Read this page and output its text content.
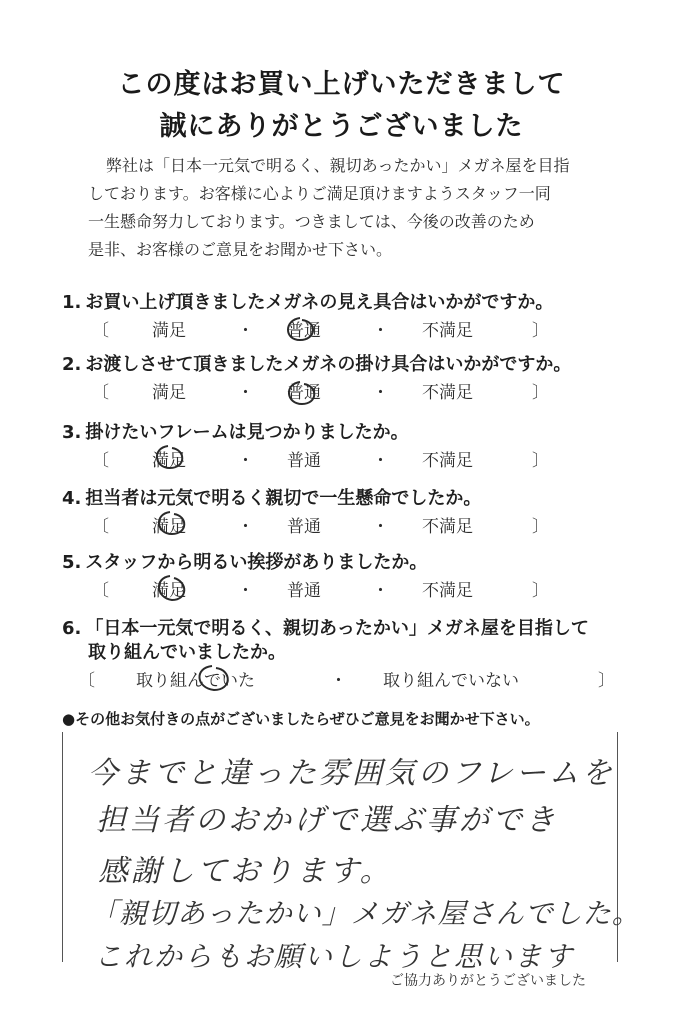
この度はお買い上げいただきまして
誠にありがとうございました

弊社は「日本一元気で明るく、親切あったかい」メガネ屋を目指

しております。お客様に心よりご満足頂けますようスタッフ一同

一生懸命努力しております。つきましては、今後の改善のため

是非、お客様のご意見をお聞かせ下さい。

1. お買い上げ頂きましたメガネの見え具合はいかがですか。
〔	満足	・ 普通	・ 不満足	〕
2. お渡しさせて頂きましたメガネの掛け具合はいかがですか。
〔	満足	・ 普通	・ 不満足	〕
3. 掛けたいフレームは見つかりましたか。
〔	満足	・ 普通	・ 不満足	〕
4. 担当者は元気で明るく親切で一生懸命でしたか。
〔	満足	・ 普通	・ 不満足	〕
5. スタッフから明るい挨拶がありましたか。
〔	満足	・ 普通	・ 不満足	〕
6. 「日本一元気で明るく、親切あったかい」メガネ屋を目指して
取り組んでいましたか。
〔 取り組んでいた	・ 取り組んでいない	〕
●その他お気付きの点がございましたらぜひご意見をお聞かせ下さい。
今までと違った雰囲気のフレームを
担当者のおかげで選ぶ事ができ
感謝しております。
「親切あったかい」メガネ屋さんでした。
これからもお願いしようと思います
ご協力ありがとうございました
